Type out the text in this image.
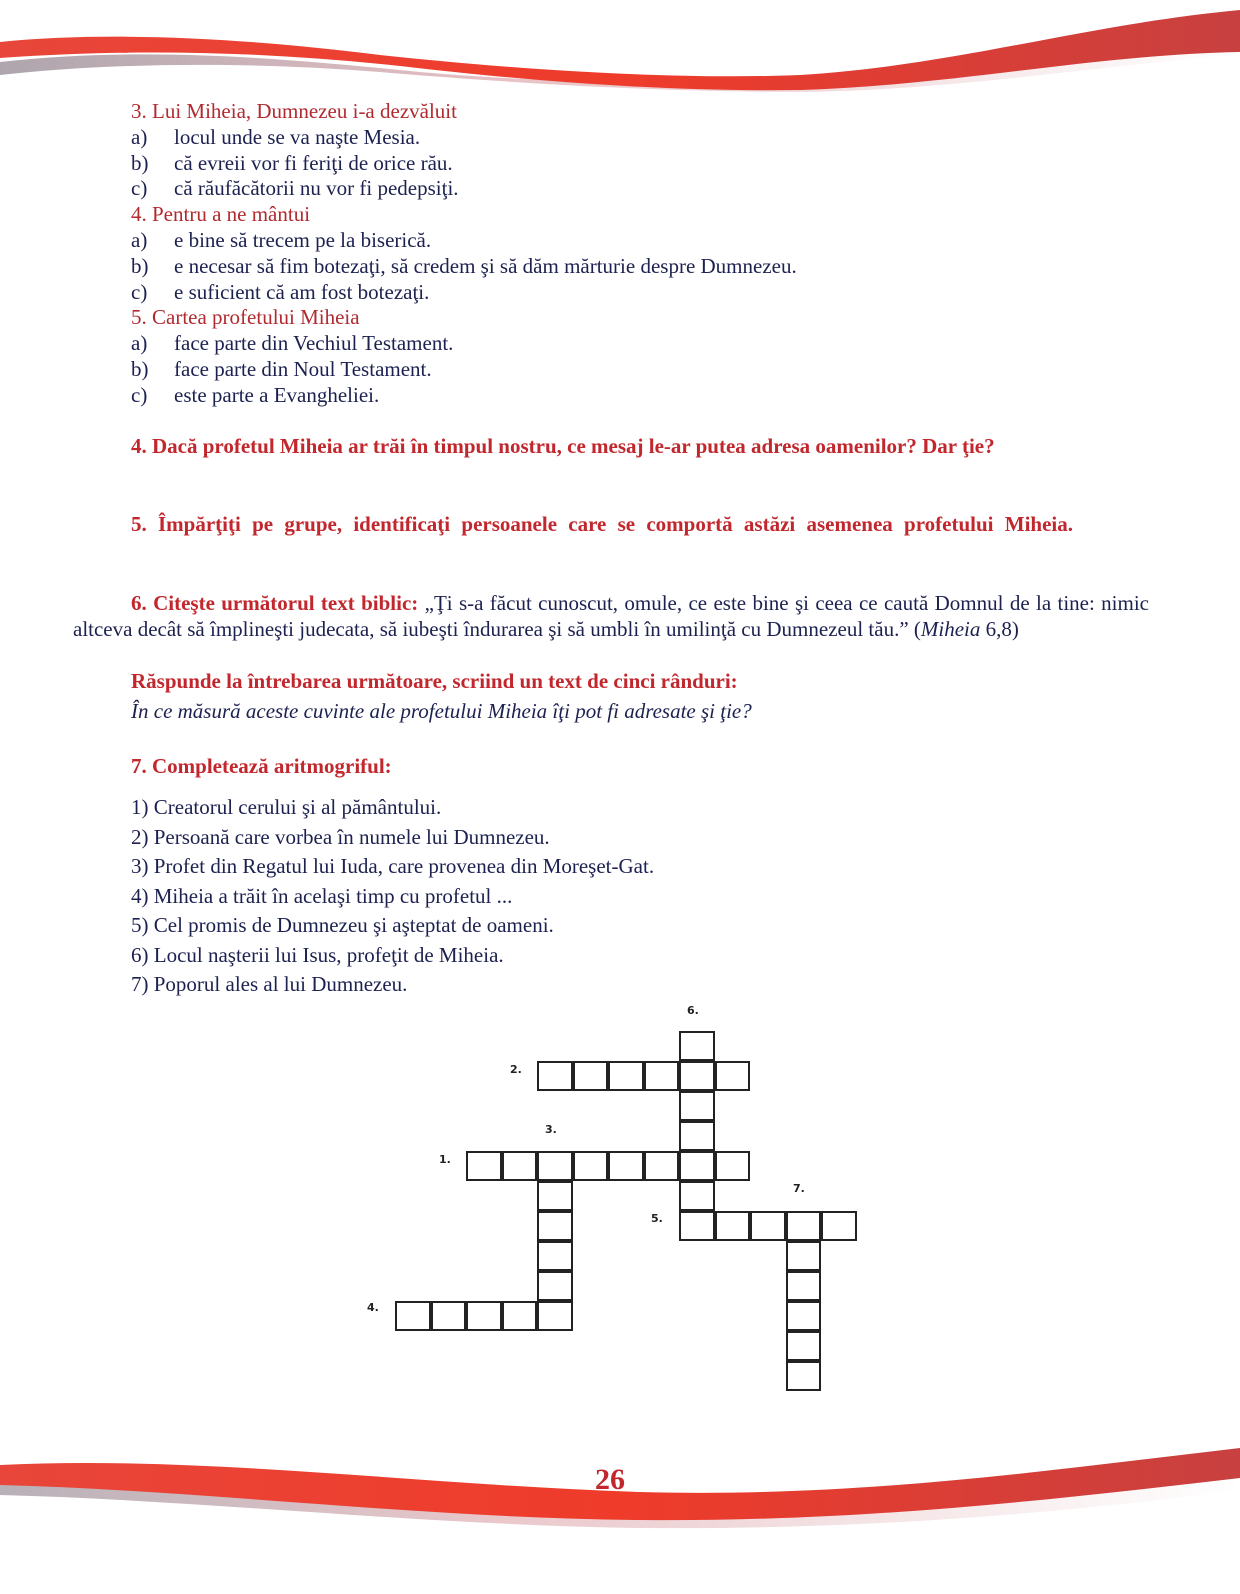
3. Lui Miheia, Dumnezeu i-a dezvăluit
a)	locul unde se va naşte Mesia.
b)	că evreii vor fi feriţi de orice rău.
c)	că răufăcătorii nu vor fi pedepsiţi.
4. Pentru a ne mântui
a)	e bine să trecem pe la biserică.
b)	e necesar să fim botezaţi, să credem şi să dăm mărturie despre Dumnezeu.
c)	e suficient că am fost botezaţi.
5. Cartea profetului Miheia
a)	face parte din Vechiul Testament.
b)	face parte din Noul Testament.
c)	este parte a Evangheliei.
4. Dacă profetul Miheia ar trăi în timpul nostru, ce mesaj le-ar putea adresa oamenilor? Dar ţie?
5. Împărţiţi pe grupe, identificaţi persoanele care se comportă astăzi asemenea profetului Miheia.
6. Citeşte următorul text biblic: „Ţi s-a făcut cunoscut, omule, ce este bine şi ceea ce caută Domnul de la tine: nimic altceva decât să împlineşti judecata, să iubeşti îndurarea şi să umbli în umilinţă cu Dumnezeul tău.” (Miheia 6,8)
Răspunde la întrebarea următoare, scriind un text de cinci rânduri:
În ce măsură aceste cuvinte ale profetului Miheia îţi pot fi adresate şi ţie?
7. Completează aritmogriful:
1) Creatorul cerului şi al pământului.
2) Persoană care vorbea în numele lui Dumnezeu.
3) Profet din Regatul lui Iuda, care provenea din Moreşet-Gat.
4) Miheia a trăit în acelaşi timp cu profetul ...
5) Cel promis de Dumnezeu şi aşteptat de oameni.
6) Locul naşterii lui Isus, profeţit de Miheia.
7) Poporul ales al lui Dumnezeu.
1.
2.
3.
4.
5.
6.
7.
26
